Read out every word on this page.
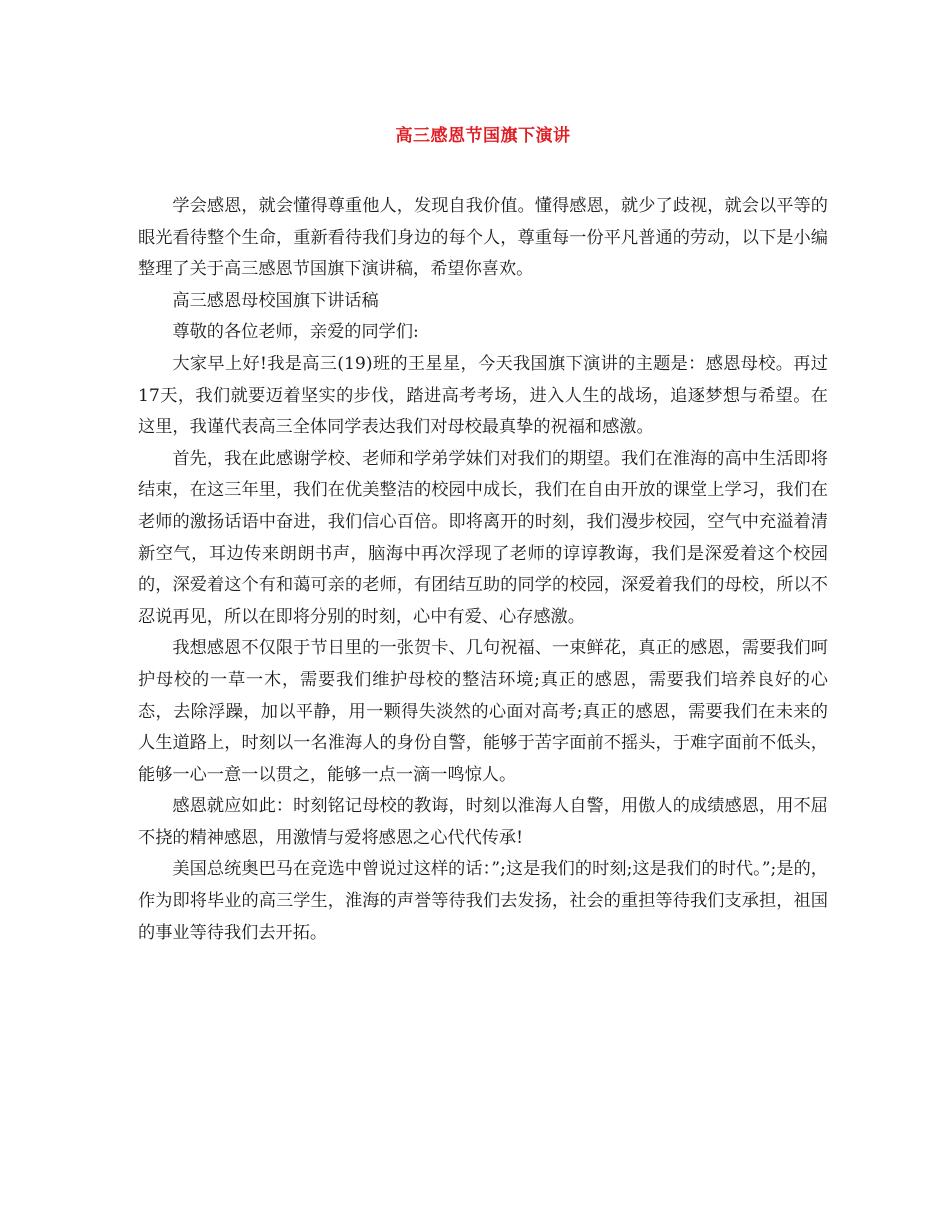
高三感恩节国旗下演讲

学会感恩，就会懂得尊重他人，发现自我价值。懂得感恩，就少了歧视，就会以平等的眼光看待整个生命，重新看待我们身边的每个人，尊重每一份平凡普通的劳动，以下是小编整理了关于高三感恩节国旗下演讲稿，希望你喜欢。

高三感恩母校国旗下讲话稿

尊敬的各位老师，亲爱的同学们:

大家早上好!我是高三(19)班的王星星，今天我国旗下演讲的主题是：感恩母校。再过17天，我们就要迈着坚实的步伐，踏进高考考场，进入人生的战场，追逐梦想与希望。在这里，我谨代表高三全体同学表达我们对母校最真挚的祝福和感激。

首先，我在此感谢学校、老师和学弟学妹们对我们的期望。我们在淮海的高中生活即将结束，在这三年里，我们在优美整洁的校园中成长，我们在自由开放的课堂上学习，我们在老师的激扬话语中奋进，我们信心百倍。即将离开的时刻，我们漫步校园，空气中充溢着清新空气，耳边传来朗朗书声，脑海中再次浮现了老师的谆谆教诲，我们是深爱着这个校园的，深爱着这个有和蔼可亲的老师，有团结互助的同学的校园，深爱着我们的母校，所以不忍说再见，所以在即将分别的时刻，心中有爱、心存感激。

我想感恩不仅限于节日里的一张贺卡、几句祝福、一束鲜花，真正的感恩，需要我们呵护母校的一草一木，需要我们维护母校的整洁环境;真正的感恩，需要我们培养良好的心态，去除浮躁，加以平静，用一颗得失淡然的心面对高考;真正的感恩，需要我们在未来的人生道路上，时刻以一名淮海人的身份自警，能够于苦字面前不摇头，于难字面前不低头，能够一心一意一以贯之，能够一点一滴一鸣惊人。

感恩就应如此：时刻铭记母校的教诲，时刻以淮海人自警，用傲人的成绩感恩，用不屈不挠的精神感恩，用激情与爱将感恩之心代代传承!

美国总统奥巴马在竞选中曾说过这样的话：”;这是我们的时刻;这是我们的时代。”;是的，作为即将毕业的高三学生，淮海的声誉等待我们去发扬，社会的重担等待我们支承担，祖国的事业等待我们去开拓。
